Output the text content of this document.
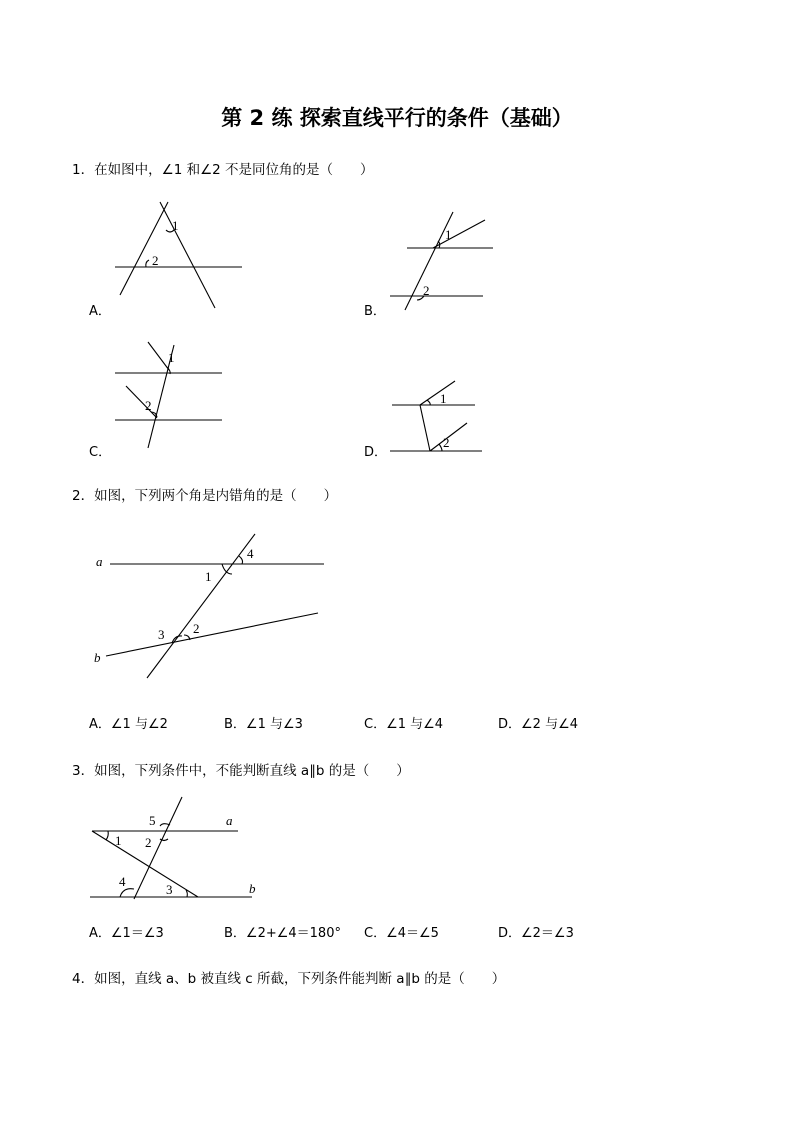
第 2 练 探索直线平行的条件（基础）
1．在如图中，∠1 和∠2 不是同位角的是（　　）
1
2
A．
1
2
B．
1
2
C．
1
2
D．
2．如图，下列两个角是内错角的是（　　）
a
b
1
4
3 2
A．∠1 与∠2	B．∠1 与∠3	C．∠1 与∠4	D．∠2 与∠4
3．如图，下列条件中，不能判断直线 a∥b 的是（　　）
a
b
1
5
2
4
3
A．∠1＝∠3	B．∠2+∠4＝180° C．∠4＝∠5	D．∠2＝∠3
4．如图，直线 a、b 被直线 c 所截，下列条件能判断 a∥b 的是（　　）
